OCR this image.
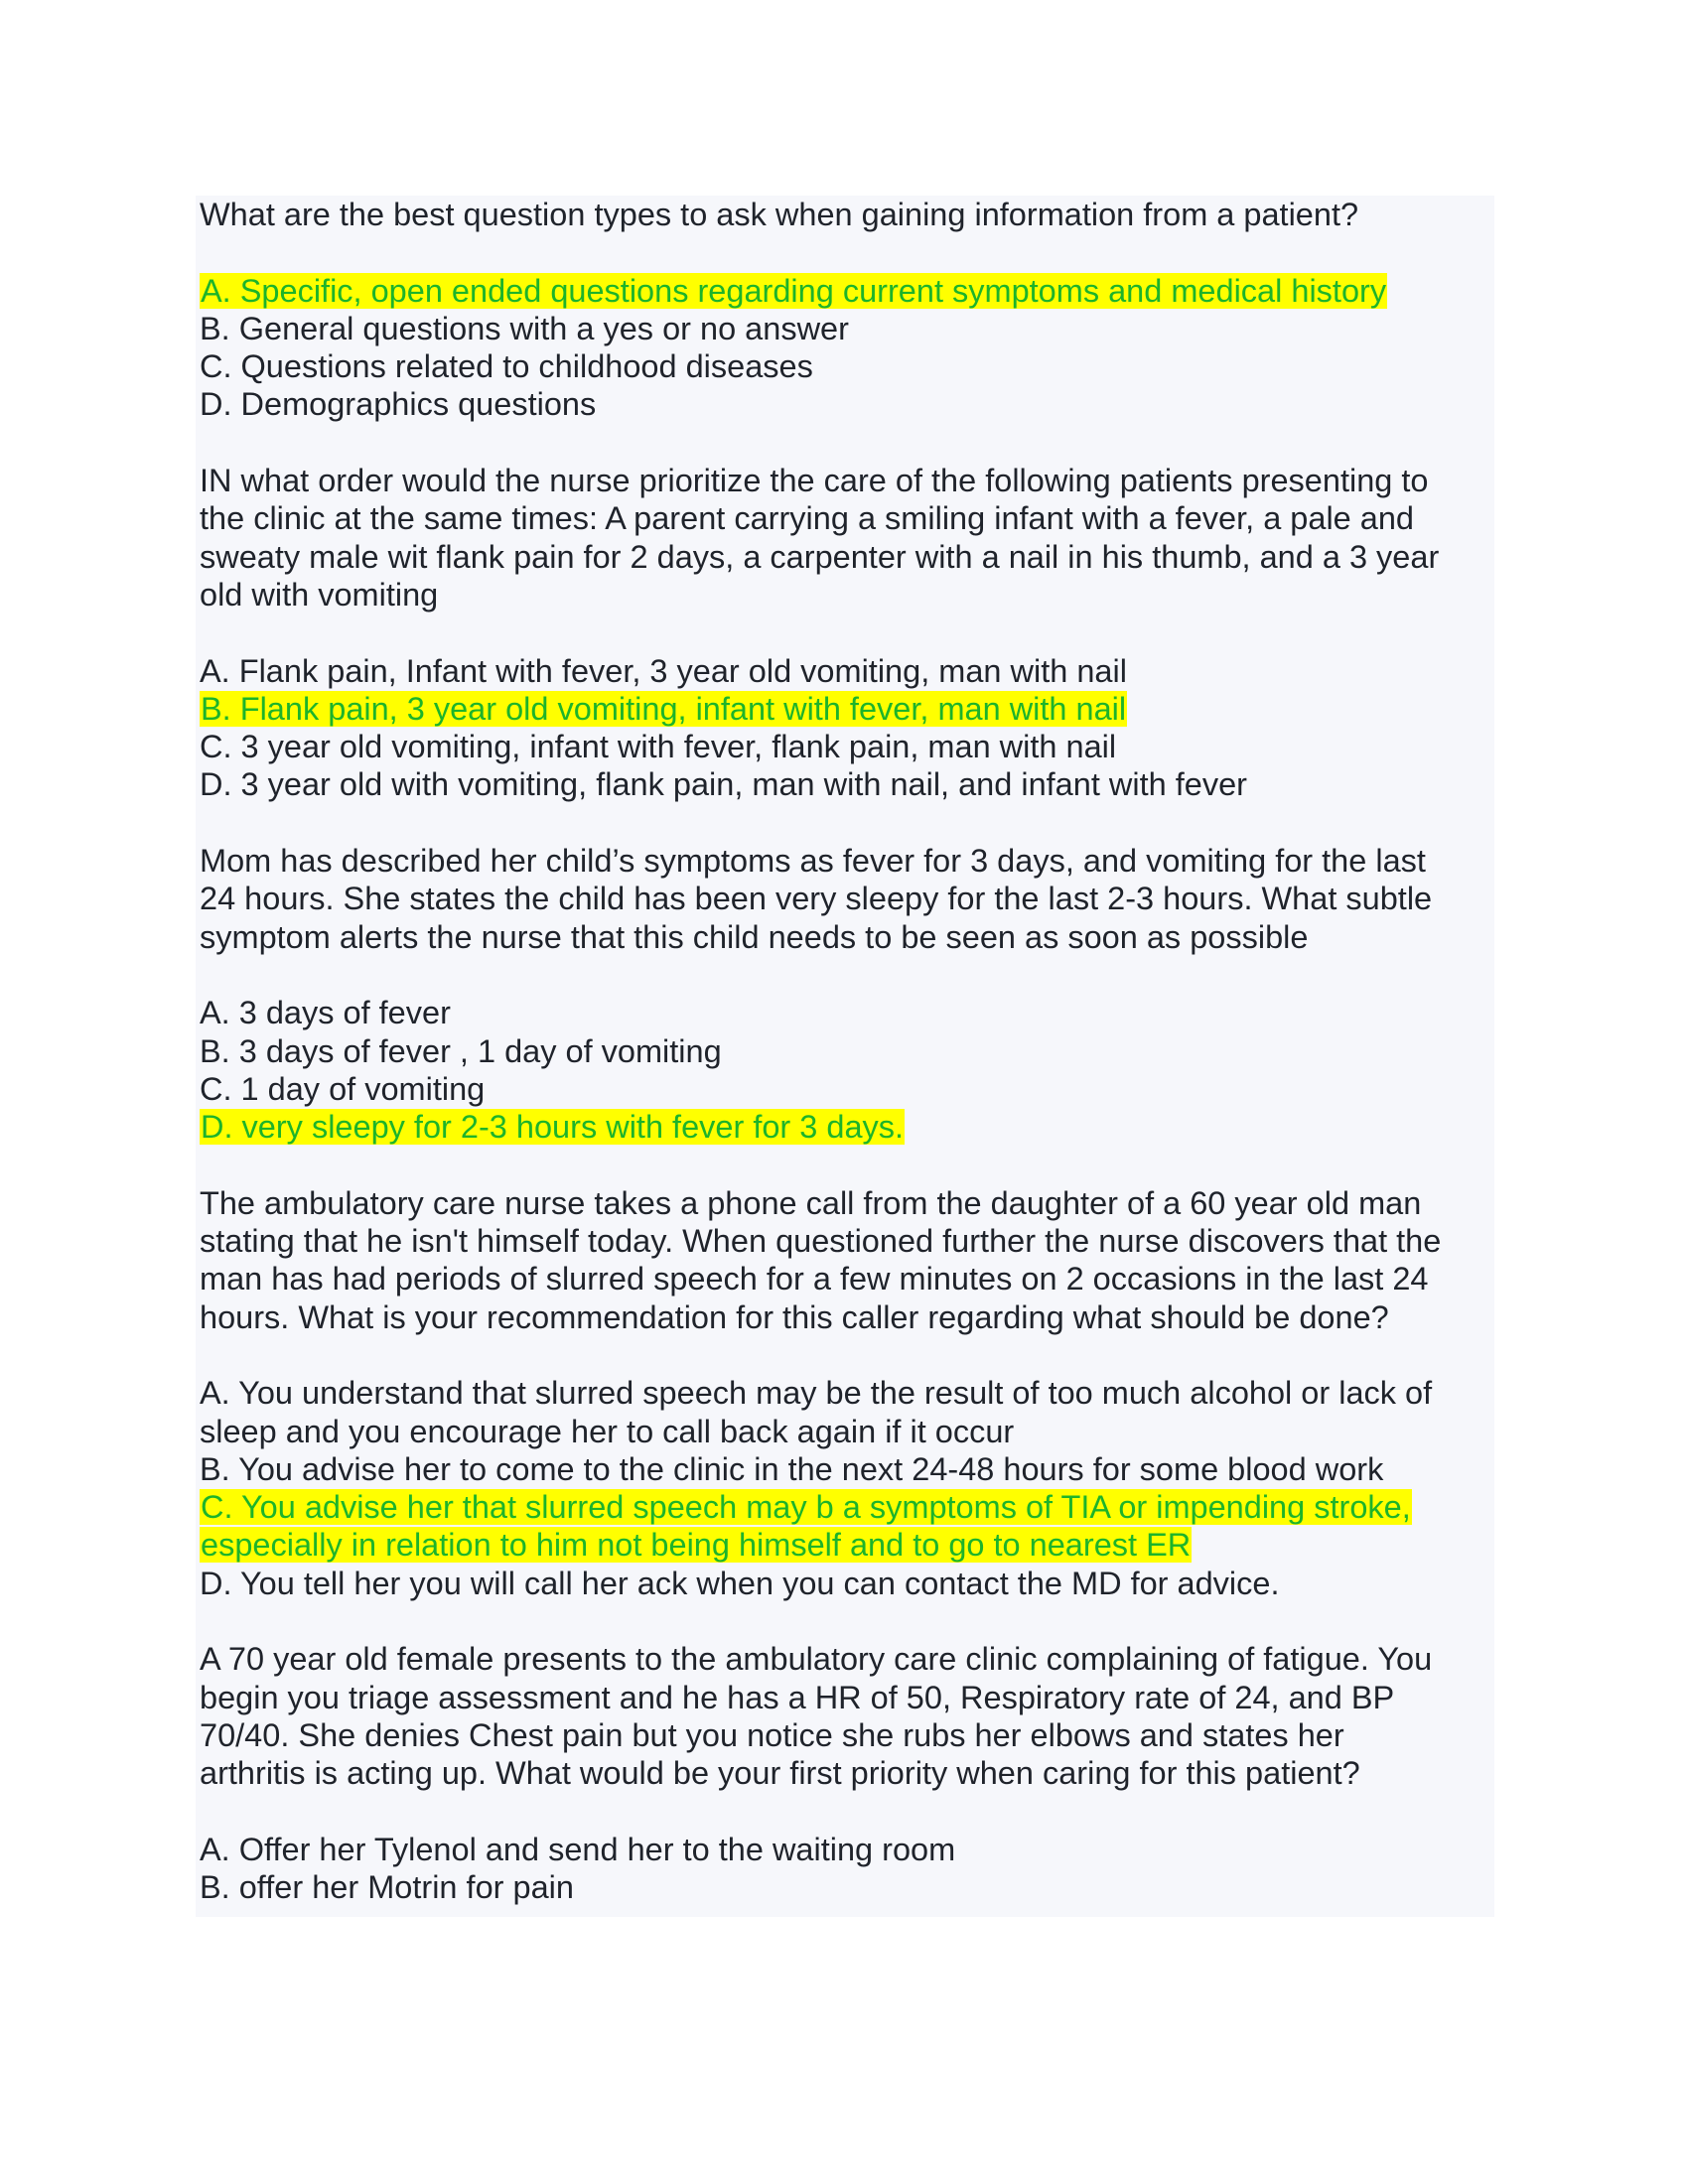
What are the best question types to ask when gaining information from a patient?
A. Specific, open ended questions regarding current symptoms and medical history
B. General questions with a yes or no answer
C. Questions related to childhood diseases
D. Demographics questions
IN what order would the nurse prioritize the care of the following patients presenting to
the clinic at the same times: A parent carrying a smiling infant with a fever, a pale and
sweaty male wit flank pain for 2 days, a carpenter with a nail in his thumb, and a 3 year
old with vomiting
A. Flank pain, Infant with fever, 3 year old vomiting, man with nail
B. Flank pain, 3 year old vomiting, infant with fever, man with nail
C. 3 year old vomiting, infant with fever, flank pain, man with nail
D. 3 year old with vomiting, flank pain, man with nail, and infant with fever
Mom has described her child’s symptoms as fever for 3 days, and vomiting for the last
24 hours. She states the child has been very sleepy for the last 2-3 hours. What subtle
symptom alerts the nurse that this child needs to be seen as soon as possible
A. 3 days of fever
B. 3 days of fever , 1 day of vomiting
C. 1 day of vomiting
D. very sleepy for 2-3 hours with fever for 3 days.
The ambulatory care nurse takes a phone call from the daughter of a 60 year old man
stating that he isn't himself today. When questioned further the nurse discovers that the
man has had periods of slurred speech for a few minutes on 2 occasions in the last 24
hours. What is your recommendation for this caller regarding what should be done?
A. You understand that slurred speech may be the result of too much alcohol or lack of
sleep and you encourage her to call back again if it occur
B. You advise her to come to the clinic in the next 24-48 hours for some blood work
C. You advise her that slurred speech may b a symptoms of TIA or impending stroke,
especially in relation to him not being himself and to go to nearest ER
D. You tell her you will call her ack when you can contact the MD for advice.
A 70 year old female presents to the ambulatory care clinic complaining of fatigue. You
begin you triage assessment and he has a HR of 50, Respiratory rate of 24, and BP
70/40. She denies Chest pain but you notice she rubs her elbows and states her
arthritis is acting up. What would be your first priority when caring for this patient?
A. Offer her Tylenol and send her to the waiting room
B. offer her Motrin for pain
